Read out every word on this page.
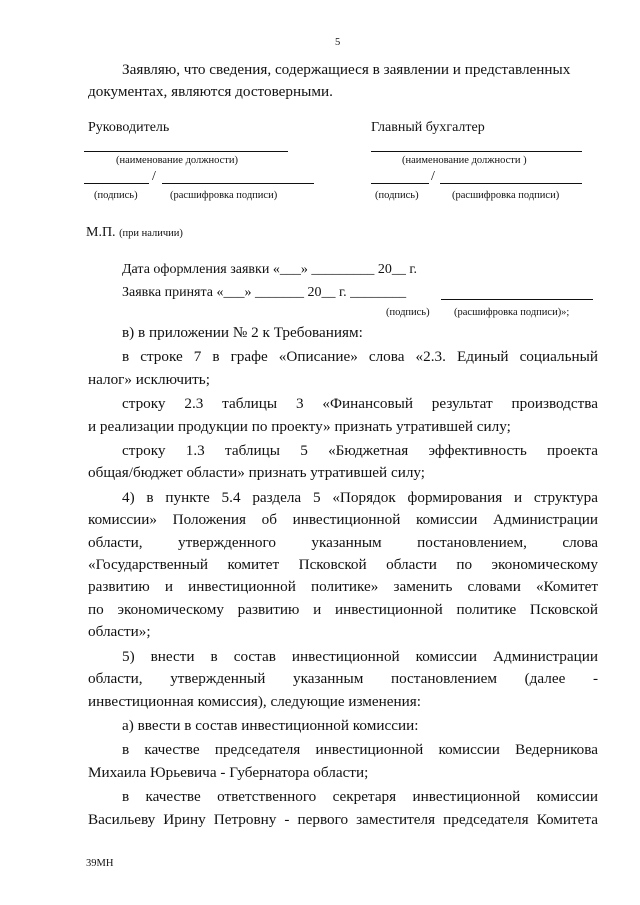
5
Заявляю, что сведения, содержащиеся в заявлении и представленных
документах, являются достоверными.
Руководитель	Главный бухгалтер
(наименование должности)	(наименование должности )
/	/
(подпись)	(расшифровка подписи)	(подпись)	(расшифровка подписи)
М.П. (при наличии)
Дата оформления заявки «___» _________ 20__ г.
Заявка принята «___» _______ 20__ г. ________
(подпись) (расшифровка подписи)»;
в) в приложении № 2 к Требованиям:
в строке 7 в графе «Описание» слова «2.3. Единый социальный
налог» исключить;
строку 2.3 таблицы 3 «Финансовый результат производства
и реализации продукции по проекту» признать утратившей силу;
строку 1.3 таблицы 5 «Бюджетная эффективность проекта
общая/бюджет области» признать утратившей силу;
4) в пункте 5.4 раздела 5 «Порядок формирования и структура
комиссии» Положения об инвестиционной комиссии Администрации
области, утвержденного указанным постановлением, слова
«Государственный комитет Псковской области по экономическому
развитию и инвестиционной политике» заменить словами «Комитет
по экономическому развитию и инвестиционной политике Псковской
области»;
5) внести в состав инвестиционной комиссии Администрации
области, утвержденный указанным постановлением (далее -
инвестиционная комиссия), следующие изменения:
а) ввести в состав инвестиционной комиссии:
в качестве председателя инвестиционной комиссии Ведерникова
Михаила Юрьевича - Губернатора области;
в качестве ответственного секретаря инвестиционной комиссии
Васильеву Ирину Петровну - первого заместителя председателя Комитета
39МН
